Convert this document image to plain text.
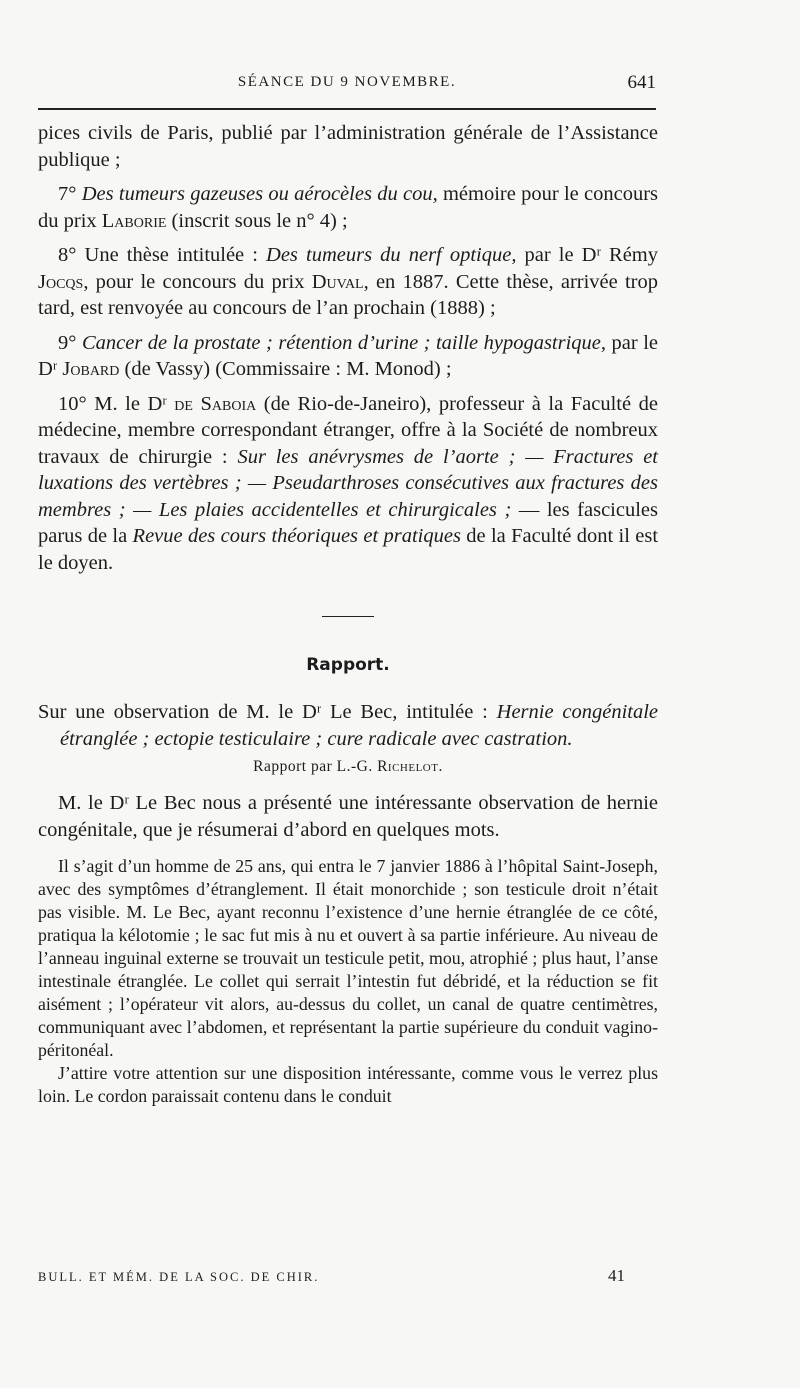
SÉANCE DU 9 NOVEMBRE.	641

pices civils de Paris, publié par l’administration générale de l’Assistance publique ;

7° Des tumeurs gazeuses ou aérocèles du cou, mémoire pour le concours du prix Laborie (inscrit sous le n° 4) ;

8° Une thèse intitulée : Des tumeurs du nerf optique, par le Dʳ Rémy Jocqs, pour le concours du prix Duval, en 1887. Cette thèse, arrivée trop tard, est renvoyée au concours de l’an prochain (1888) ;

9° Cancer de la prostate ; rétention d’urine ; taille hypogastrique, par le Dʳ Jobard (de Vassy) (Commissaire : M. Monod) ;

10° M. le Dʳ de Saboia (de Rio-de-Janeiro), professeur à la Faculté de médecine, membre correspondant étranger, offre à la Société de nombreux travaux de chirurgie : Sur les anévrysmes de l’aorte ; — Fractures et luxations des vertèbres ; — Pseudarthroses consécutives aux fractures des membres ; — Les plaies accidentelles et chirurgicales ; — les fascicules parus de la Revue des cours théoriques et pratiques de la Faculté dont il est le doyen.

Rapport.

Sur une observation de M. le Dʳ Le Bec, intitulée : Hernie congénitale étranglée ; ectopie testiculaire ; cure radicale avec castration.

Rapport par L.-G. Richelot.

M. le Dʳ Le Bec nous a présenté une intéressante observation de hernie congénitale, que je résumerai d’abord en quelques mots.

Il s’agit d’un homme de 25 ans, qui entra le 7 janvier 1886 à l’hôpital Saint-Joseph, avec des symptômes d’étranglement. Il était monorchide ; son testicule droit n’était pas visible. M. Le Bec, ayant reconnu l’existence d’une hernie étranglée de ce côté, pratiqua la kélotomie ; le sac fut mis à nu et ouvert à sa partie inférieure. Au niveau de l’anneau inguinal externe se trouvait un testicule petit, mou, atrophié ; plus haut, l’anse intestinale étranglée. Le collet qui serrait l’intestin fut débridé, et la réduction se fit aisément ; l’opérateur vit alors, au-dessus du collet, un canal de quatre centimètres, communiquant avec l’abdomen, et représentant la partie supérieure du conduit vagino-péritonéal.

J’attire votre attention sur une disposition intéressante, comme vous le verrez plus loin. Le cordon paraissait contenu dans le conduit

BULL. ET MÉM. DE LA SOC. DE CHIR.	41
